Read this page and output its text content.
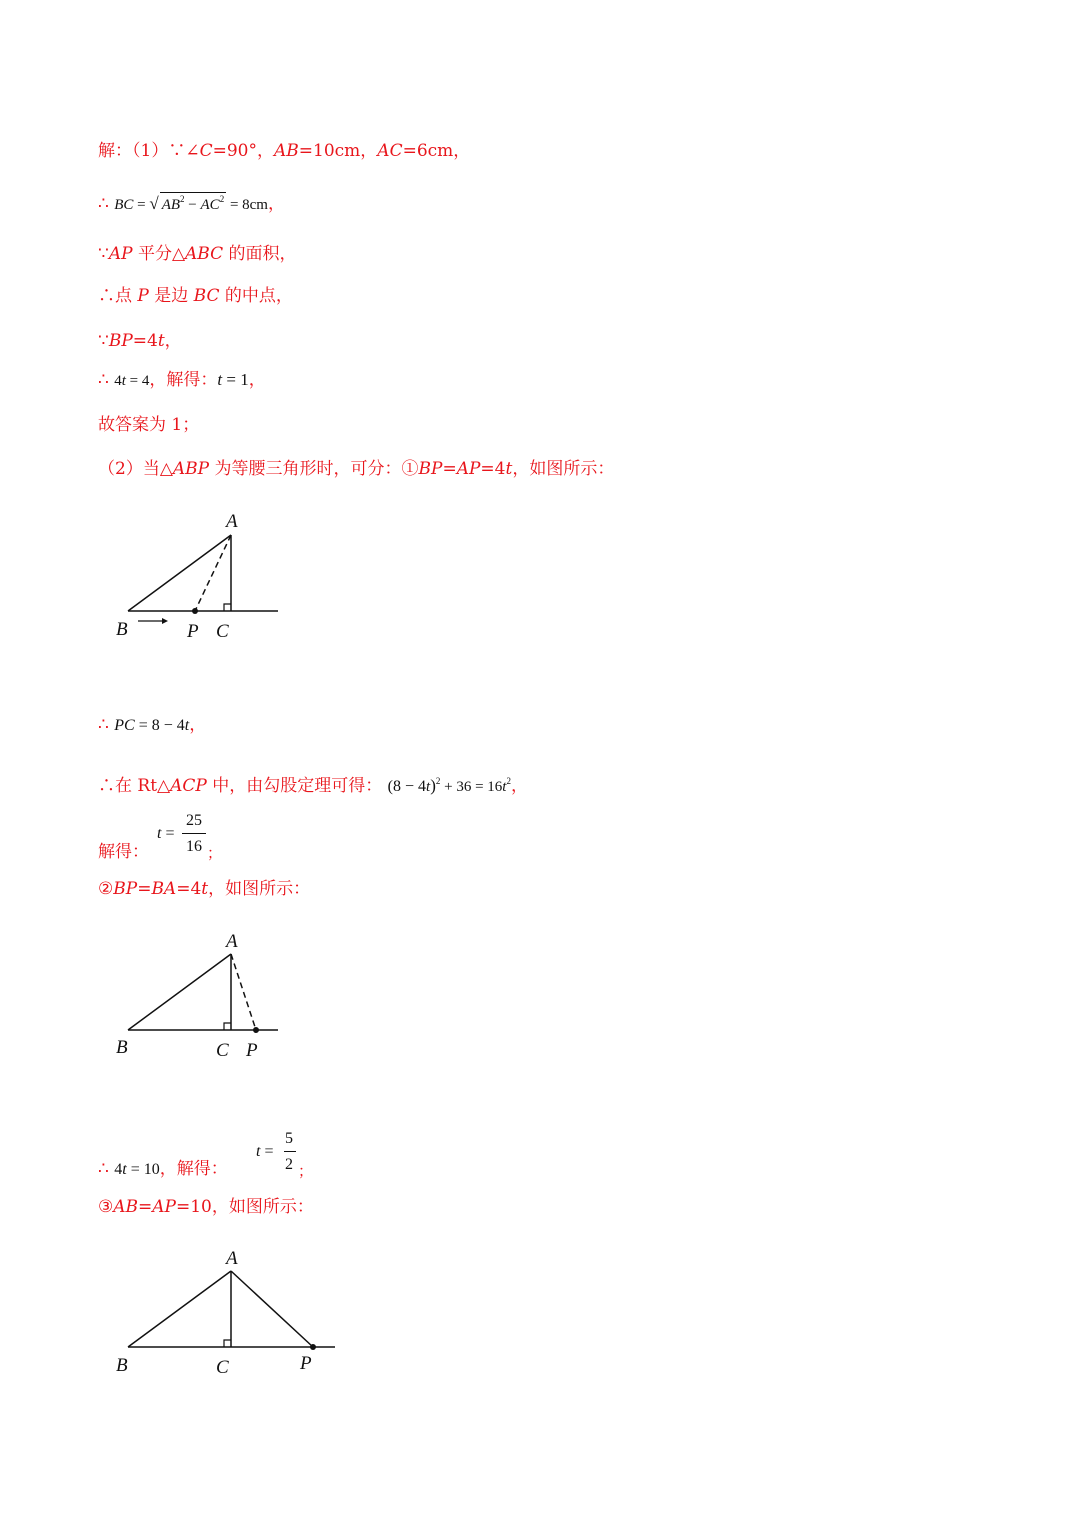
解：（1）∵∠C=90°，AB=10cm，AC=6cm，
∴ BC = √ $AB^2 - AC^2 = 8cm$，
∵AP 平分△ABC 的面积，
∴点 P 是边 BC 的中点，
∵BP=4t，
∴ 4t = 4，解得：t = 1，
故答案为 1；
（2）当△ABP 为等腰三角形时，可分：①BP=AP=4t，如图所示：
A
B	P C
∴ PC = 8 − 4t，
∴在 Rt△ACP 中，由勾股定理可得： $(8 - 4t)^2 + 36 = 16t^2$，
解得：
t =
25
16 ；
②BP=BA=4t，如图所示：
A
B	C P
∴ 4t = 10，解得：
t =
5
2 ；
③AB=AP=10，如图所示：
A
B	C	P
